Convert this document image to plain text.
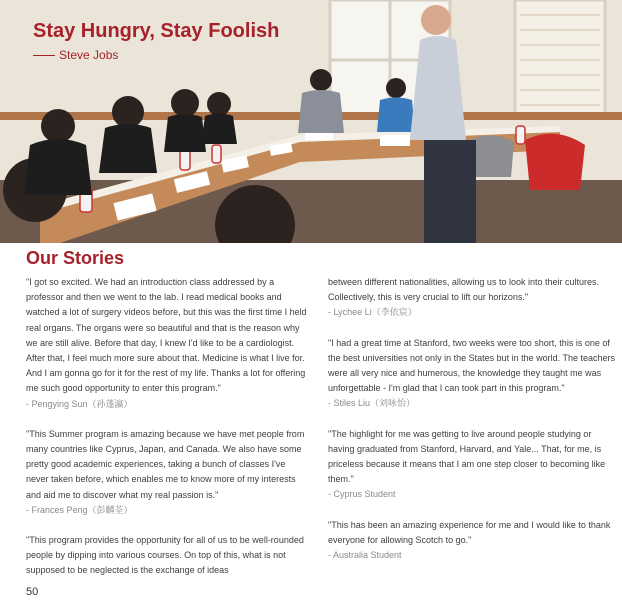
Stay Hungry, Stay Foolish
Steve Jobs
Our Stories

"I got so excited. We had an introduction class addressed by a professor and then we went to the lab. I read medical books and watched a lot of surgery videos before, but this was the first time I held real organs. The organs were so beautiful and that is the reason why we are still alive. Before that day, I knew I'd like to be a cardiologist. After that, I feel much more sure about that. Medicine is what I live for. And I am gonna go for it for the rest of my life. Thanks a lot for offering me such good opportunity to enter this program."

- Pengying Sun（孙蓬瀛）

"This Summer program is amazing because we have met people from many countries like Cyprus, Japan, and Canada. We also have some pretty good academic experiences, taking a bunch of classes I've never taken before, which enables me to know more of my interests and aid me to discover what my real passion is."

- Frances Peng（彭麟荃）

"This program provides the opportunity for all of us to be well-rounded people by dipping into various courses. On top of this, what is not supposed to be neglected is the exchange of ideas

between different nationalities, allowing us to look into their cultures. Collectively, this is very crucial to lift our horizons."

- Lychee Li（李依宸）

"I had a great time at Stanford, two weeks were too short, this is one of the best universities not only in the States but in the world. The teachers were all very nice and humerous, the knowledge they taught me was unforgettable - I'm glad that I can took part in this program."

- Stiles Liu（刘咏怡）

"The highlight for me was getting to live around people studying or having graduated from Stanford, Harvard, and Yale... That, for me, is priceless because it means that I am one step closer to becoming like them."

- Cyprus Student

"This has been an amazing experience for me and I would like to thank everyone for allowing Scotch to go."

- Australia Student

50
